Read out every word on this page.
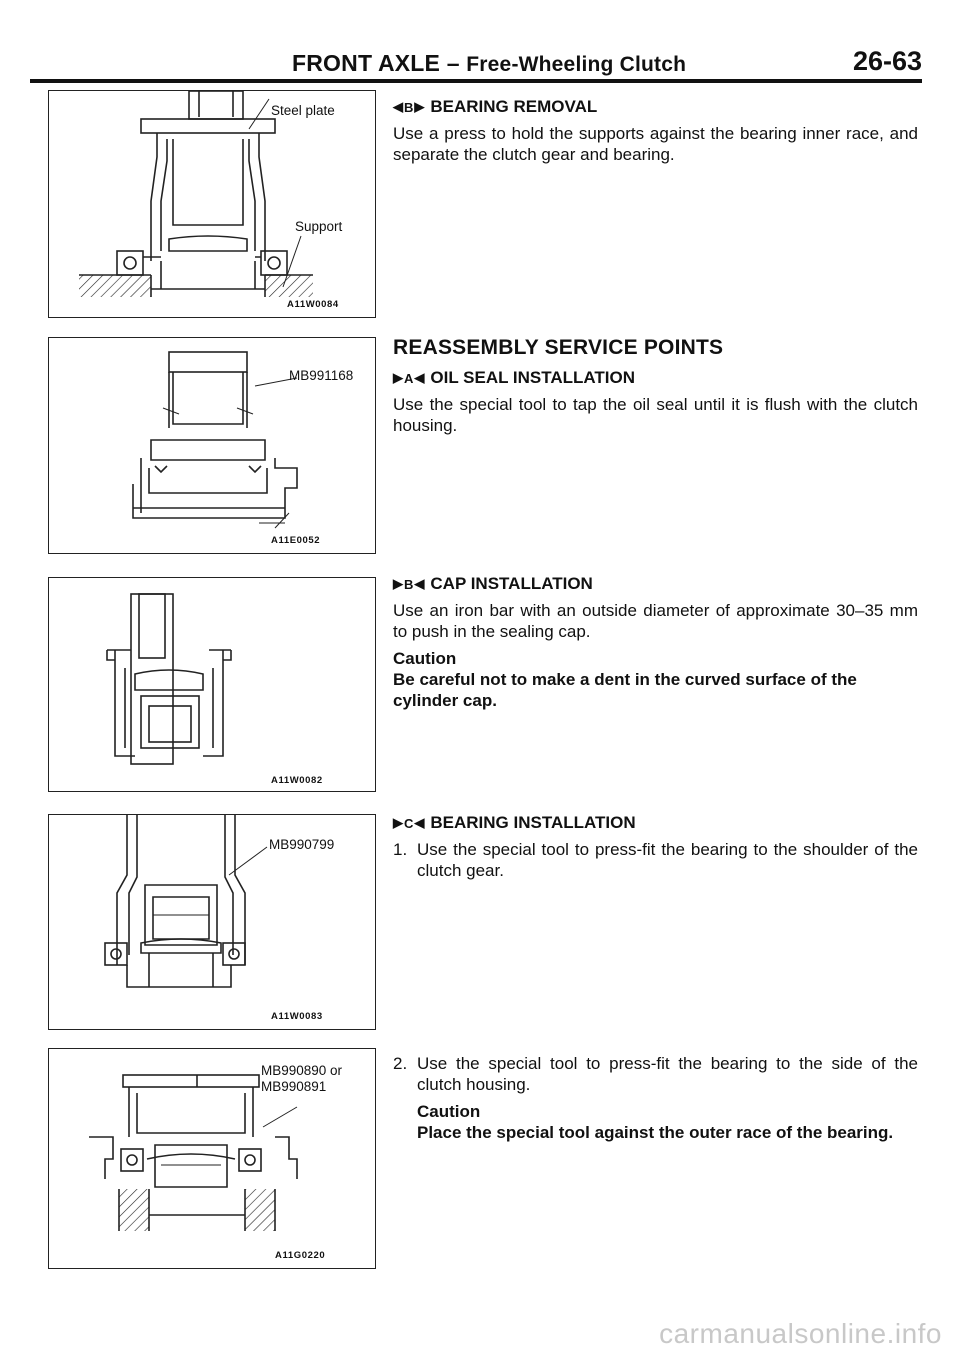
FRONT AXLE – Free-Wheeling Clutch	26-63
Steel plate
Support
A11W0084
MB991168
A11E0052
A11W0082
MB990799
A11W0083
MB990890 or
MB990891
A11G0220
◀ B ▶ BEARING REMOVAL

Use a press to hold the supports against the bearing inner race, and separate the clutch gear and bearing.

REASSEMBLY SERVICE POINTS
▶ A ◀ OIL SEAL INSTALLATION

Use the special tool to tap the oil seal until it is flush with the clutch housing.

▶ B ◀ CAP INSTALLATION

Use an iron bar with an outside diameter of approximate 30–35 mm to push in the sealing cap.

Caution

Be careful not to make a dent in the curved surface of the cylinder cap.

▶ C ◀ BEARING INSTALLATION
1. Use the special tool to press-fit the bearing to the shoulder of the clutch gear.
2. Use the special tool to press-fit the bearing to the side of the clutch housing.

Caution

Place the special tool against the outer race of the bearing.

carmanualsonline.info
